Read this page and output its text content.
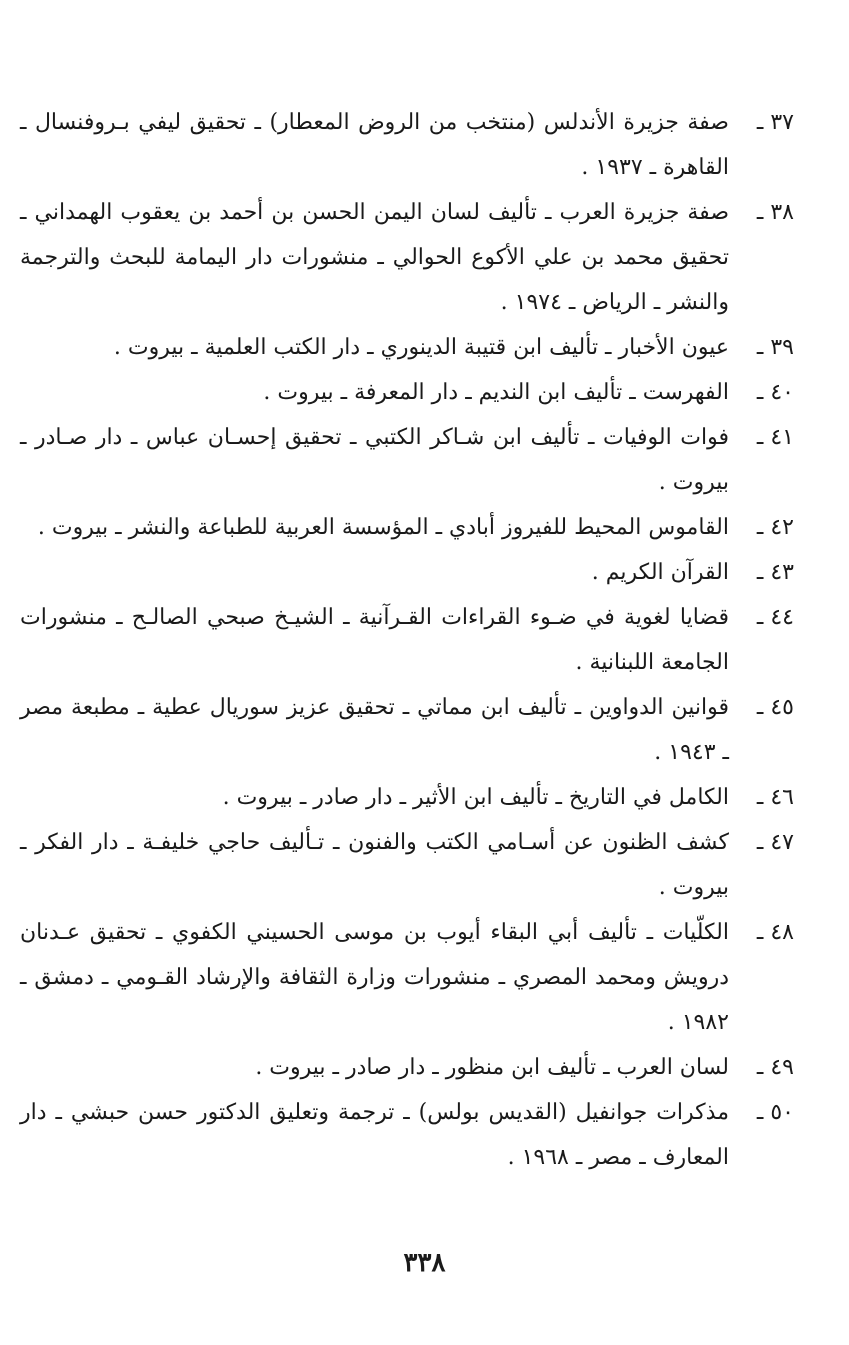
٣٧ ـ
صفة جزيرة الأندلس (منتخب من الروض المعطار) ـ تحقيق ليفي بـروفنسال ـ القاهرة ـ ١٩٣٧ .
٣٨ ـ
صفة جزيرة العرب ـ تأليف لسان اليمن الحسن بن أحمد بن يعقوب الهمداني ـ تحقيق محمد بن علي الأكوع الحوالي ـ منشورات دار اليمامة للبحث والترجمة والنشر ـ الرياض ـ ١٩٧٤ .
٣٩ ـ
عيون الأخبار ـ تأليف ابن قتيبة الدينوري ـ دار الكتب العلمية ـ بيروت .
٤٠ ـ
الفهرست ـ تأليف ابن النديم ـ دار المعرفة ـ بيروت .
٤١ ـ
فوات الوفيات ـ تأليف ابن شـاكر الكتبي ـ تحقيق إحسـان عباس ـ دار صـادر ـ بيروت .
٤٢ ـ
القاموس المحيط للفيروز أبادي ـ المؤسسة العربية للطباعة والنشر ـ بيروت .
٤٣ ـ
القرآن الكريم .
٤٤ ـ
قضايا لغوية في ضـوء القراءات القـرآنية ـ الشيـخ صبحي الصالـح ـ منشورات الجامعة اللبنانية .
٤٥ ـ
قوانين الدواوين ـ تأليف ابن مماتي ـ تحقيق عزيز سوريال عطية ـ مطبعة مصر ـ ١٩٤٣ .
٤٦ ـ
الكامل في التاريخ ـ تأليف ابن الأثير ـ دار صادر ـ بيروت .
٤٧ ـ
كشف الظنون عن أسـامي الكتب والفنون ـ تـأليف حاجي خليفـة ـ دار الفكر ـ بيروت .
٤٨ ـ
الكلّيات ـ تأليف أبي البقاء أيوب بن موسى الحسيني الكفوي ـ تحقيق عـدنان درويش ومحمد المصري ـ منشورات وزارة الثقافة والإرشاد القـومي ـ دمشق ـ ١٩٨٢ .
٤٩ ـ
لسان العرب ـ تأليف ابن منظور ـ دار صادر ـ بيروت .
٥٠ ـ
مذكرات جوانفيل (القديس بولس) ـ ترجمة وتعليق الدكتور حسن حبشي ـ دار المعارف ـ مصر ـ ١٩٦٨ .
٣٣٨
